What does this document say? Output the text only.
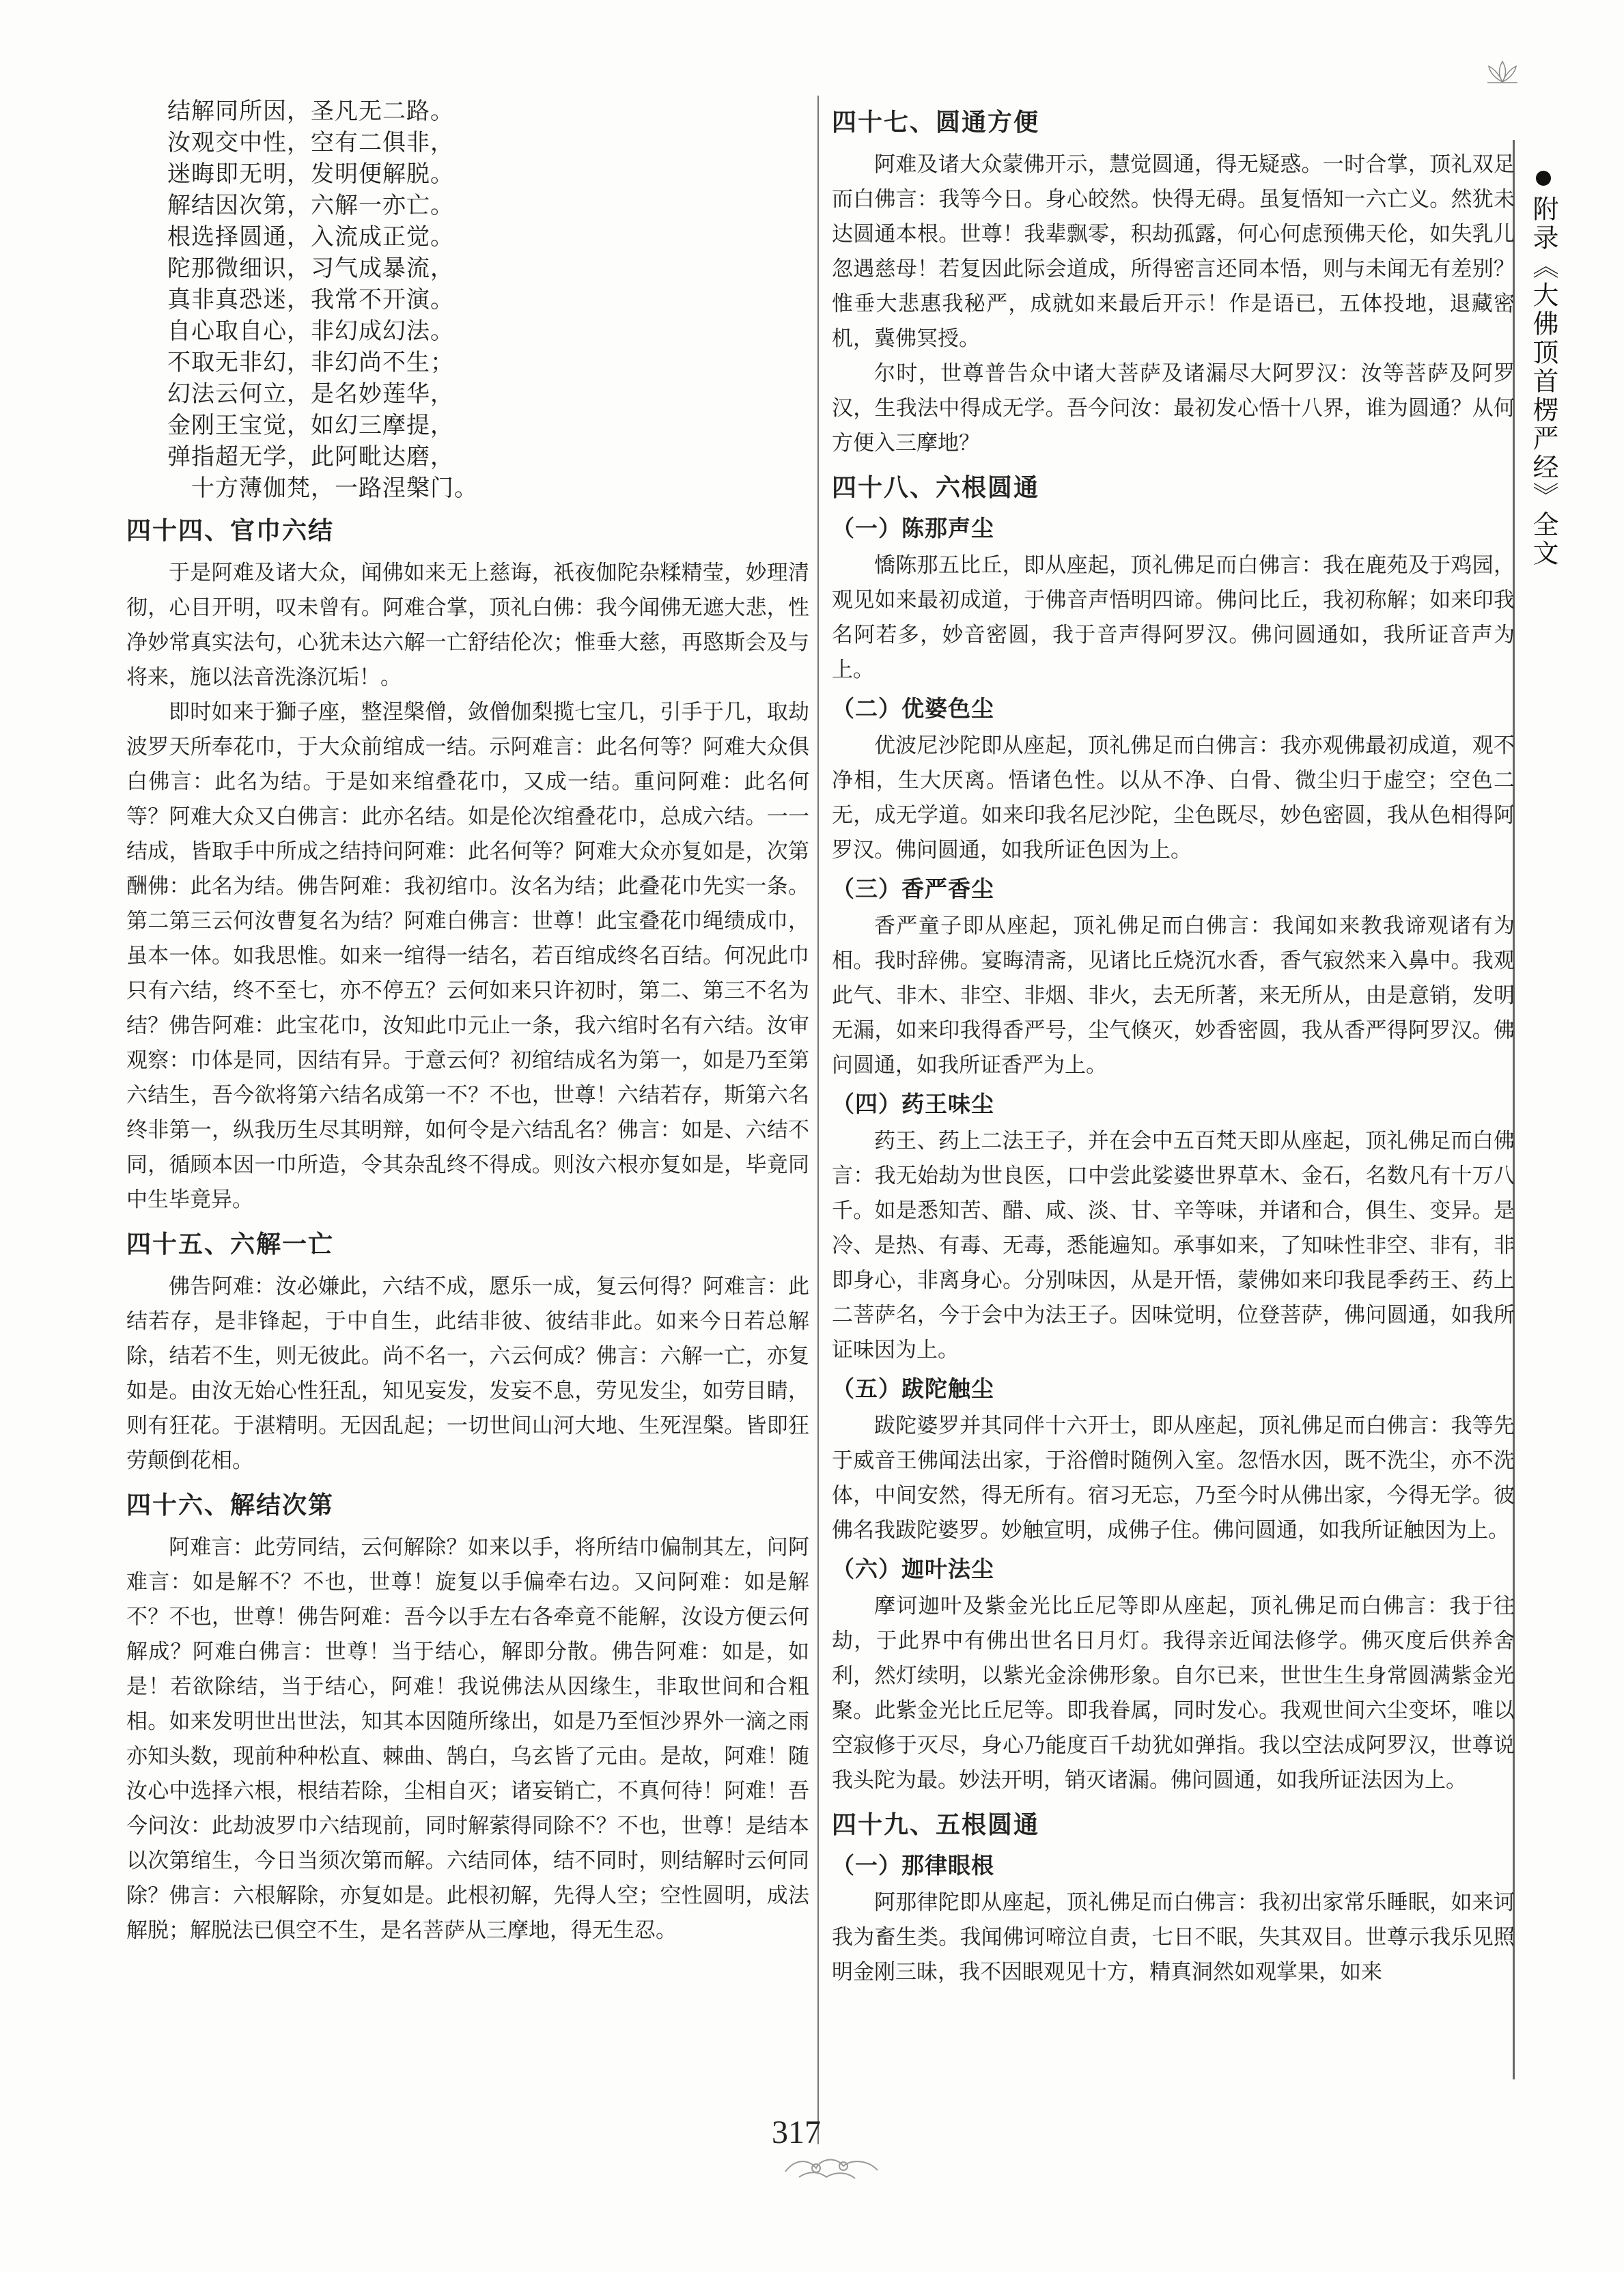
附录《大佛顶首楞严经》全文

结解同所因，圣凡无二路。

汝观交中性，空有二俱非，

迷晦即无明，发明便解脱。

解结因次第，六解一亦亡。

根选择圆通，入流成正觉。

陀那微细识，习气成暴流，

真非真恐迷，我常不开演。

自心取自心，非幻成幻法。

不取无非幻，非幻尚不生；

幻法云何立，是名妙莲华，

金刚王宝觉，如幻三摩提，

弹指超无学，此阿毗达磨，

十方薄伽梵，一路涅槃门。

四十四、官巾六结

于是阿难及诸大众，闻佛如来无上慈诲，祇夜伽陀杂糅精莹，妙理清彻，心目开明，叹未曾有。阿难合掌，顶礼白佛：我今闻佛无遮大悲，性净妙常真实法句，心犹未达六解一亡舒结伦次；惟垂大慈，再愍斯会及与将来，施以法音洗涤沉垢！。

即时如来于獅子座，整涅槃僧，敛僧伽梨揽七宝几，引手于几，取劫波罗天所奉花巾，于大众前绾成一结。示阿难言：此名何等？阿难大众俱白佛言：此名为结。于是如来绾叠花巾，又成一结。重问阿难：此名何等？阿难大众又白佛言：此亦名结。如是伦次绾叠花巾，总成六结。一一结成，皆取手中所成之结持问阿难：此名何等？阿难大众亦复如是，次第酬佛：此名为结。佛告阿难：我初绾巾。汝名为结；此叠花巾先实一条。第二第三云何汝曹复名为结？阿难白佛言：世尊！此宝叠花巾绳绩成巾，虽本一体。如我思惟。如来一绾得一结名，若百绾成终名百结。何况此巾只有六结，终不至七，亦不停五？云何如来只许初时，第二、第三不名为结？佛告阿难：此宝花巾，汝知此巾元止一条，我六绾时名有六结。汝审观察：巾体是同，因结有异。于意云何？初绾结成名为第一，如是乃至第六结生，吾今欲将第六结名成第一不？不也，世尊！六结若存，斯第六名终非第一，纵我历生尽其明辩，如何令是六结乱名？佛言：如是、六结不同，循顾本因一巾所造，令其杂乱终不得成。则汝六根亦复如是，毕竟同中生毕竟异。

四十五、六解一亡

佛告阿难：汝必嫌此，六结不成，愿乐一成，复云何得？阿难言：此结若存，是非锋起，于中自生，此结非彼、彼结非此。如来今日若总解除，结若不生，则无彼此。尚不名一，六云何成？佛言：六解一亡，亦复如是。由汝无始心性狂乱，知见妄发，发妄不息，劳见发尘，如劳目睛，则有狂花。于湛精明。无因乱起；一切世间山河大地、生死涅槃。皆即狂劳颠倒花相。

四十六、解结次第

阿难言：此劳同结，云何解除？如来以手，将所结巾偏制其左，问阿难言：如是解不？不也，世尊！旋复以手偏牵右边。又问阿难：如是解不？不也，世尊！佛告阿难：吾今以手左右各牵竟不能解，汝设方便云何解成？阿难白佛言：世尊！当于结心，解即分散。佛告阿难：如是，如是！若欲除结，当于结心，阿难！我说佛法从因缘生，非取世间和合粗相。如来发明世出世法，知其本因随所缘出，如是乃至恒沙界外一滴之雨亦知头数，现前种种松直、棘曲、鹄白，乌玄皆了元由。是故，阿难！随汝心中选择六根，根结若除，尘相自灭；诸妄销亡，不真何待！阿难！吾今问汝：此劫波罗巾六结现前，同时解萦得同除不？不也，世尊！是结本以次第绾生，今日当须次第而解。六结同体，结不同时，则结解时云何同除？佛言：六根解除，亦复如是。此根初解，先得人空；空性圆明，成法解脱；解脱法已俱空不生，是名菩萨从三摩地，得无生忍。

四十七、圆通方便

阿难及诸大众蒙佛开示，慧觉圆通，得无疑惑。一时合掌，顶礼双足而白佛言：我等今日。身心皎然。快得无碍。虽复悟知一六亡义。然犹未达圆通本根。世尊！我辈飘零，积劫孤露，何心何虑预佛天伦，如失乳儿忽遇慈母！若复因此际会道成，所得密言还同本悟，则与未闻无有差别？惟垂大悲惠我秘严，成就如来最后开示！作是语已，五体投地，退藏密机，冀佛冥授。

尔时，世尊普告众中诸大菩萨及诸漏尽大阿罗汉：汝等菩萨及阿罗汉，生我法中得成无学。吾今问汝：最初发心悟十八界，谁为圆通？从何方便入三摩地？

四十八、六根圆通
（一）陈那声尘

憍陈那五比丘，即从座起，顶礼佛足而白佛言：我在鹿苑及于鸡园，观见如来最初成道，于佛音声悟明四谛。佛问比丘，我初称解；如来印我名阿若多，妙音密圆，我于音声得阿罗汉。佛问圆通如，我所证音声为上。

（二）优婆色尘

优波尼沙陀即从座起，顶礼佛足而白佛言：我亦观佛最初成道，观不净相，生大厌离。悟诸色性。以从不净、白骨、微尘归于虚空；空色二无，成无学道。如来印我名尼沙陀，尘色既尽，妙色密圆，我从色相得阿罗汉。佛问圆通，如我所证色因为上。

（三）香严香尘

香严童子即从座起，顶礼佛足而白佛言：我闻如来教我谛观诸有为相。我时辞佛。宴晦清斋，见诸比丘烧沉水香，香气寂然来入鼻中。我观此气、非木、非空、非烟、非火，去无所著，来无所从，由是意销，发明无漏，如来印我得香严号，尘气倏灭，妙香密圆，我从香严得阿罗汉。佛问圆通，如我所证香严为上。

（四）药王味尘

药王、药上二法王子，并在会中五百梵天即从座起，顶礼佛足而白佛言：我无始劫为世良医，口中尝此娑婆世界草木、金石，名数凡有十万八千。如是悉知苦、醋、咸、淡、甘、辛等味，并诸和合，俱生、变异。是冷、是热、有毒、无毒，悉能遍知。承事如来，了知味性非空、非有，非即身心，非离身心。分别味因，从是开悟，蒙佛如来印我昆季药王、药上二菩萨名，今于会中为法王子。因味觉明，位登菩萨，佛问圆通，如我所证味因为上。

（五）跋陀触尘

跋陀婆罗并其同伴十六开士，即从座起，顶礼佛足而白佛言：我等先于威音王佛闻法出家，于浴僧时随例入室。忽悟水因，既不洗尘，亦不洗体，中间安然，得无所有。宿习无忘，乃至今时从佛出家，今得无学。彼佛名我跋陀婆罗。妙触宣明，成佛子住。佛问圆通，如我所证触因为上。

（六）迦叶法尘

摩诃迦叶及紫金光比丘尼等即从座起，顶礼佛足而白佛言：我于往劫，于此界中有佛出世名日月灯。我得亲近闻法修学。佛灭度后供养舍利，然灯续明，以紫光金涂佛形象。自尔已来，世世生生身常圆满紫金光聚。此紫金光比丘尼等。即我眷属，同时发心。我观世间六尘变坏，唯以空寂修于灭尽，身心乃能度百千劫犹如弹指。我以空法成阿罗汉，世尊说我头陀为最。妙法开明，销灭诸漏。佛问圆通，如我所证法因为上。

四十九、五根圆通
（一）那律眼根

阿那律陀即从座起，顶礼佛足而白佛言：我初出家常乐睡眠，如来诃我为畜生类。我闻佛诃啼泣自责，七日不眠，失其双目。世尊示我乐见照明金刚三昧，我不因眼观见十方，精真洞然如观掌果，如来

317
